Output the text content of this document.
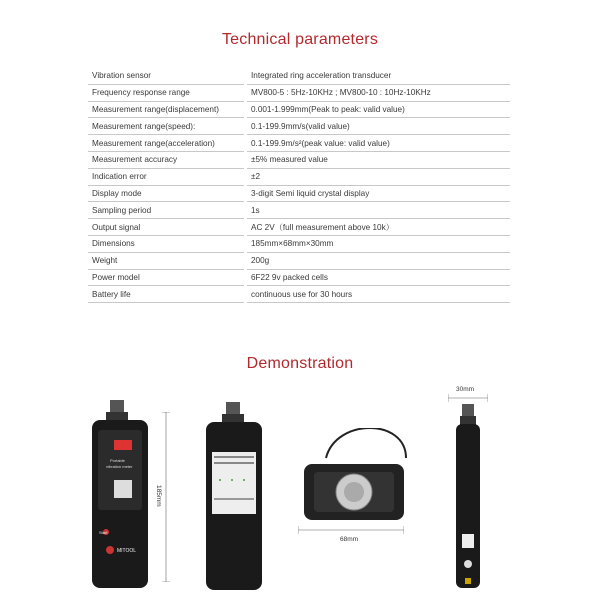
Technical parameters
Vibration sensor	Integrated ring acceleration transducer
Frequency response range	MV800-5 : 5Hz-10KHz ; MV800-10 : 10Hz-10KHz
Measurement range(displacement)	0.001-1.999mm(Peak to peak: valid value)
Measurement range(speed):	0.1-199.9mm/s(valid value)
Measurement range(acceleration)	0.1-199.9m/s²(peak value: valid value)
Measurement accuracy	±5% measured value
Indication error	±2
Display mode	3-digit Semi liquid crystal display
Sampling period	1s
Output signal	AC 2V（full measurement above 10k）
Dimensions	185mm×68mm×30mm
Weight	200g
Power model	6F22 9v packed cells
Battery life	continuous use for 30 hours
Demonstration
Portable
vibration meter
Start
MITOOL
185mm
68mm
30mm
